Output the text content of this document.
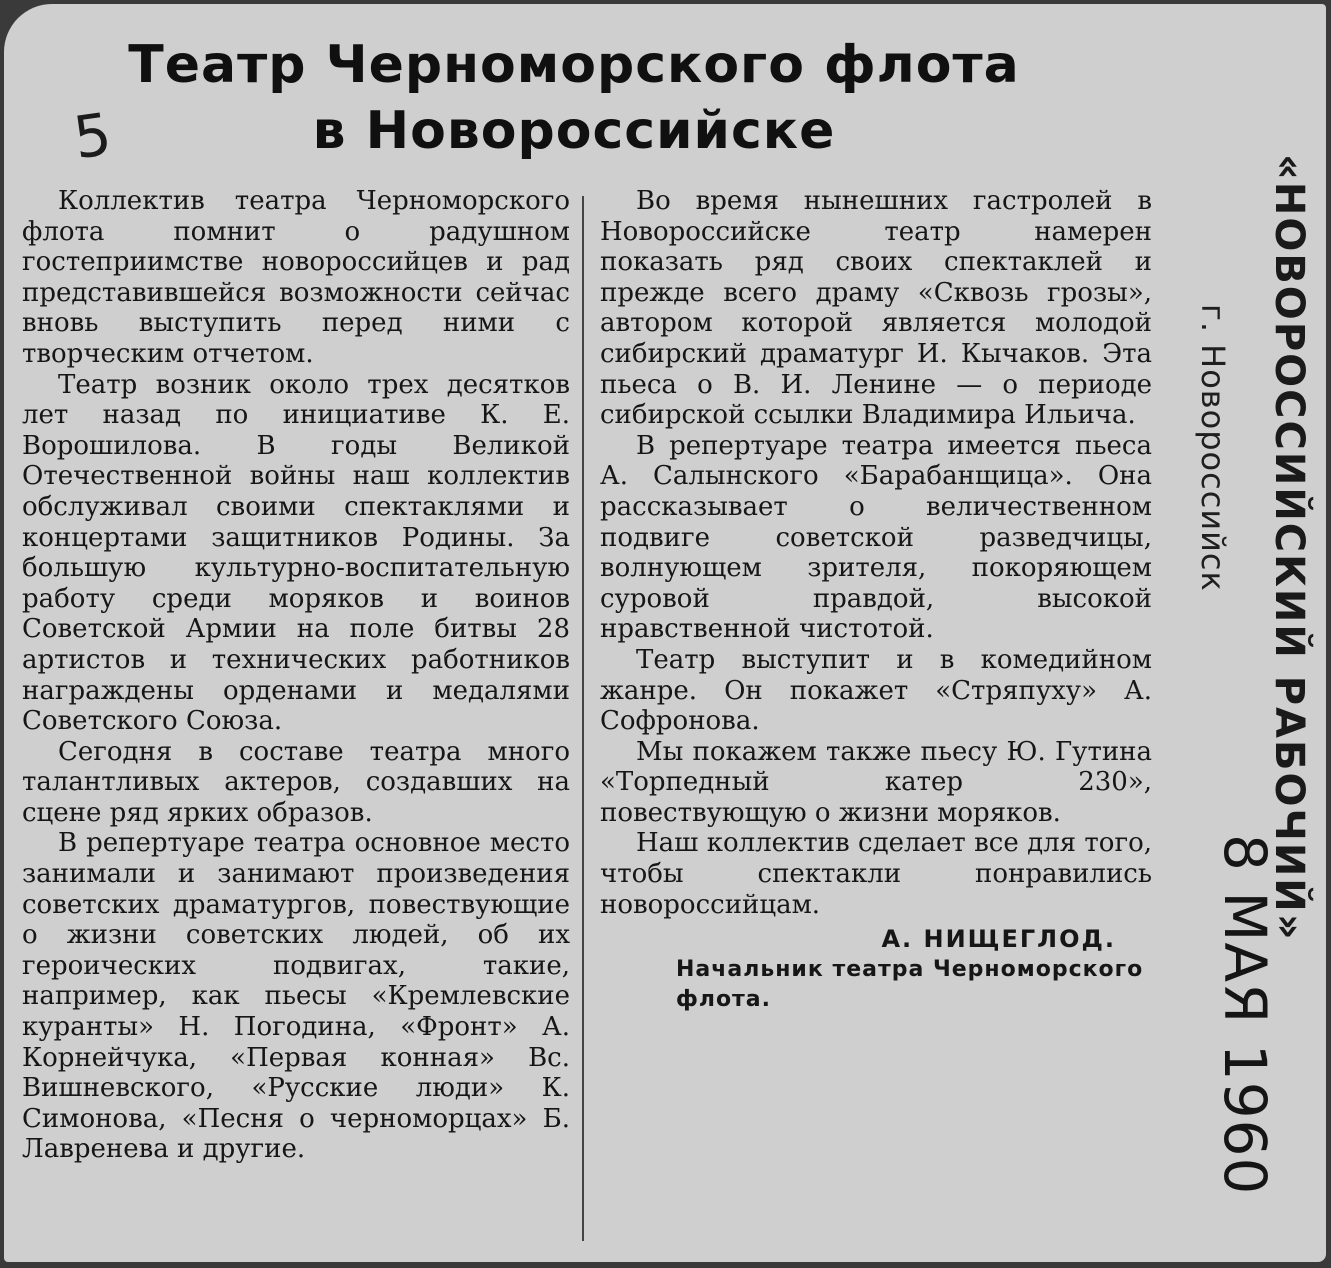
5
Театр Черноморского флота
в Новороссийске

Коллектив театра Черноморского флота помнит о радушном гостеприимстве новороссийцев и рад представившейся возможности сейчас вновь выступить перед ними с творческим отчетом.

Театр возник около трех десятков лет назад по инициативе К. Е. Ворошилова. В годы Великой Отечественной войны наш коллектив обслуживал своими спектаклями и концертами защитников Родины. За большую культурно-воспитательную работу среди моряков и воинов Советской Армии на поле битвы 28 артистов и технических работников награждены орденами и медалями Советского Союза.

Сегодня в составе театра много талантливых актеров, создавших на сцене ряд ярких образов.

В репертуаре театра основное место занимали и занимают произведения советских драматургов, повествующие о жизни советских людей, об их героических подвигах, такие, например, как пьесы «Кремлевские куранты» Н. Погодина, «Фронт» А. Корнейчука, «Первая конная» Вс. Вишневского, «Русские люди» К. Симонова, «Песня о черноморцах» Б. Лавренева и другие.

Во время нынешних гастролей в Новороссийске театр намерен показать ряд своих спектаклей и прежде всего драму «Сквозь грозы», автором которой является молодой сибирский драматург И. Кычаков. Эта пьеса о В. И. Ленине — о периоде сибирской ссылки Владимира Ильича.

В репертуаре театра имеется пьеса А. Салынского «Барабанщица». Она рассказывает о величественном подвиге советской разведчицы, волнующем зрителя, покоряющем суровой правдой, высокой нравственной чистотой.

Театр выступит и в комедийном жанре. Он покажет «Стряпуху» А. Софронова.

Мы покажем также пьесу Ю. Гутина «Торпедный катер 230», повествующую о жизни моряков.

Наш коллектив сделает все для того, чтобы спектакли понравились новороссийцам.

А. НИЩЕГЛОД.
Начальник театра Черноморского флота.
«НОВОРОССИЙСКИЙ РАБОЧИЙ»
г. Новороссийск
8 МАЯ 1960
